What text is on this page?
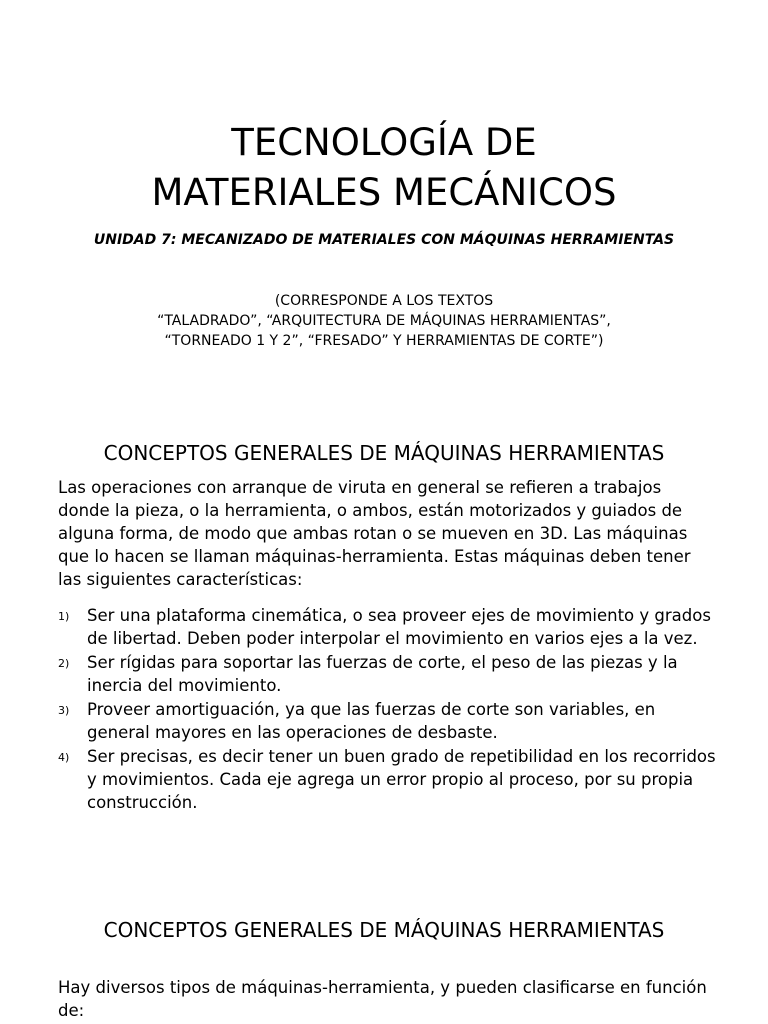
TECNOLOGÍA DE
MATERIALES MECÁNICOS
UNIDAD 7: MECANIZADO DE MATERIALES CON MÁQUINAS HERRAMIENTAS
(CORRESPONDE A LOS TEXTOS
“TALADRADO”, “ARQUITECTURA DE MÁQUINAS HERRAMIENTAS”,
“TORNEADO 1 Y 2”, “FRESADO” Y HERRAMIENTAS DE CORTE”)
CONCEPTOS GENERALES DE MÁQUINAS HERRAMIENTAS
Las operaciones con arranque de viruta en general se refieren a trabajos donde la pieza, o la herramienta, o ambos, están motorizados y guiados de alguna forma, de modo que ambas rotan o se mueven en 3D. Las máquinas que lo hacen se llaman máquinas-herramienta. Estas máquinas deben tener las siguientes características:
1)	Ser una plataforma cinemática, o sea proveer ejes de movimiento y grados de libertad. Deben poder interpolar el movimiento en varios ejes a la vez.
2)	Ser rígidas para soportar las fuerzas de corte, el peso de las piezas y la inercia del movimiento.
3)	Proveer amortiguación, ya que las fuerzas de corte son variables, en general mayores en las operaciones de desbaste.
4)	Ser precisas, es decir tener un buen grado de repetibilidad en los recorridos y movimientos. Cada eje agrega un error propio al proceso, por su propia construcción.
CONCEPTOS GENERALES DE MÁQUINAS HERRAMIENTAS
Hay diversos tipos de máquinas-herramienta, y pueden clasificarse en función de:
